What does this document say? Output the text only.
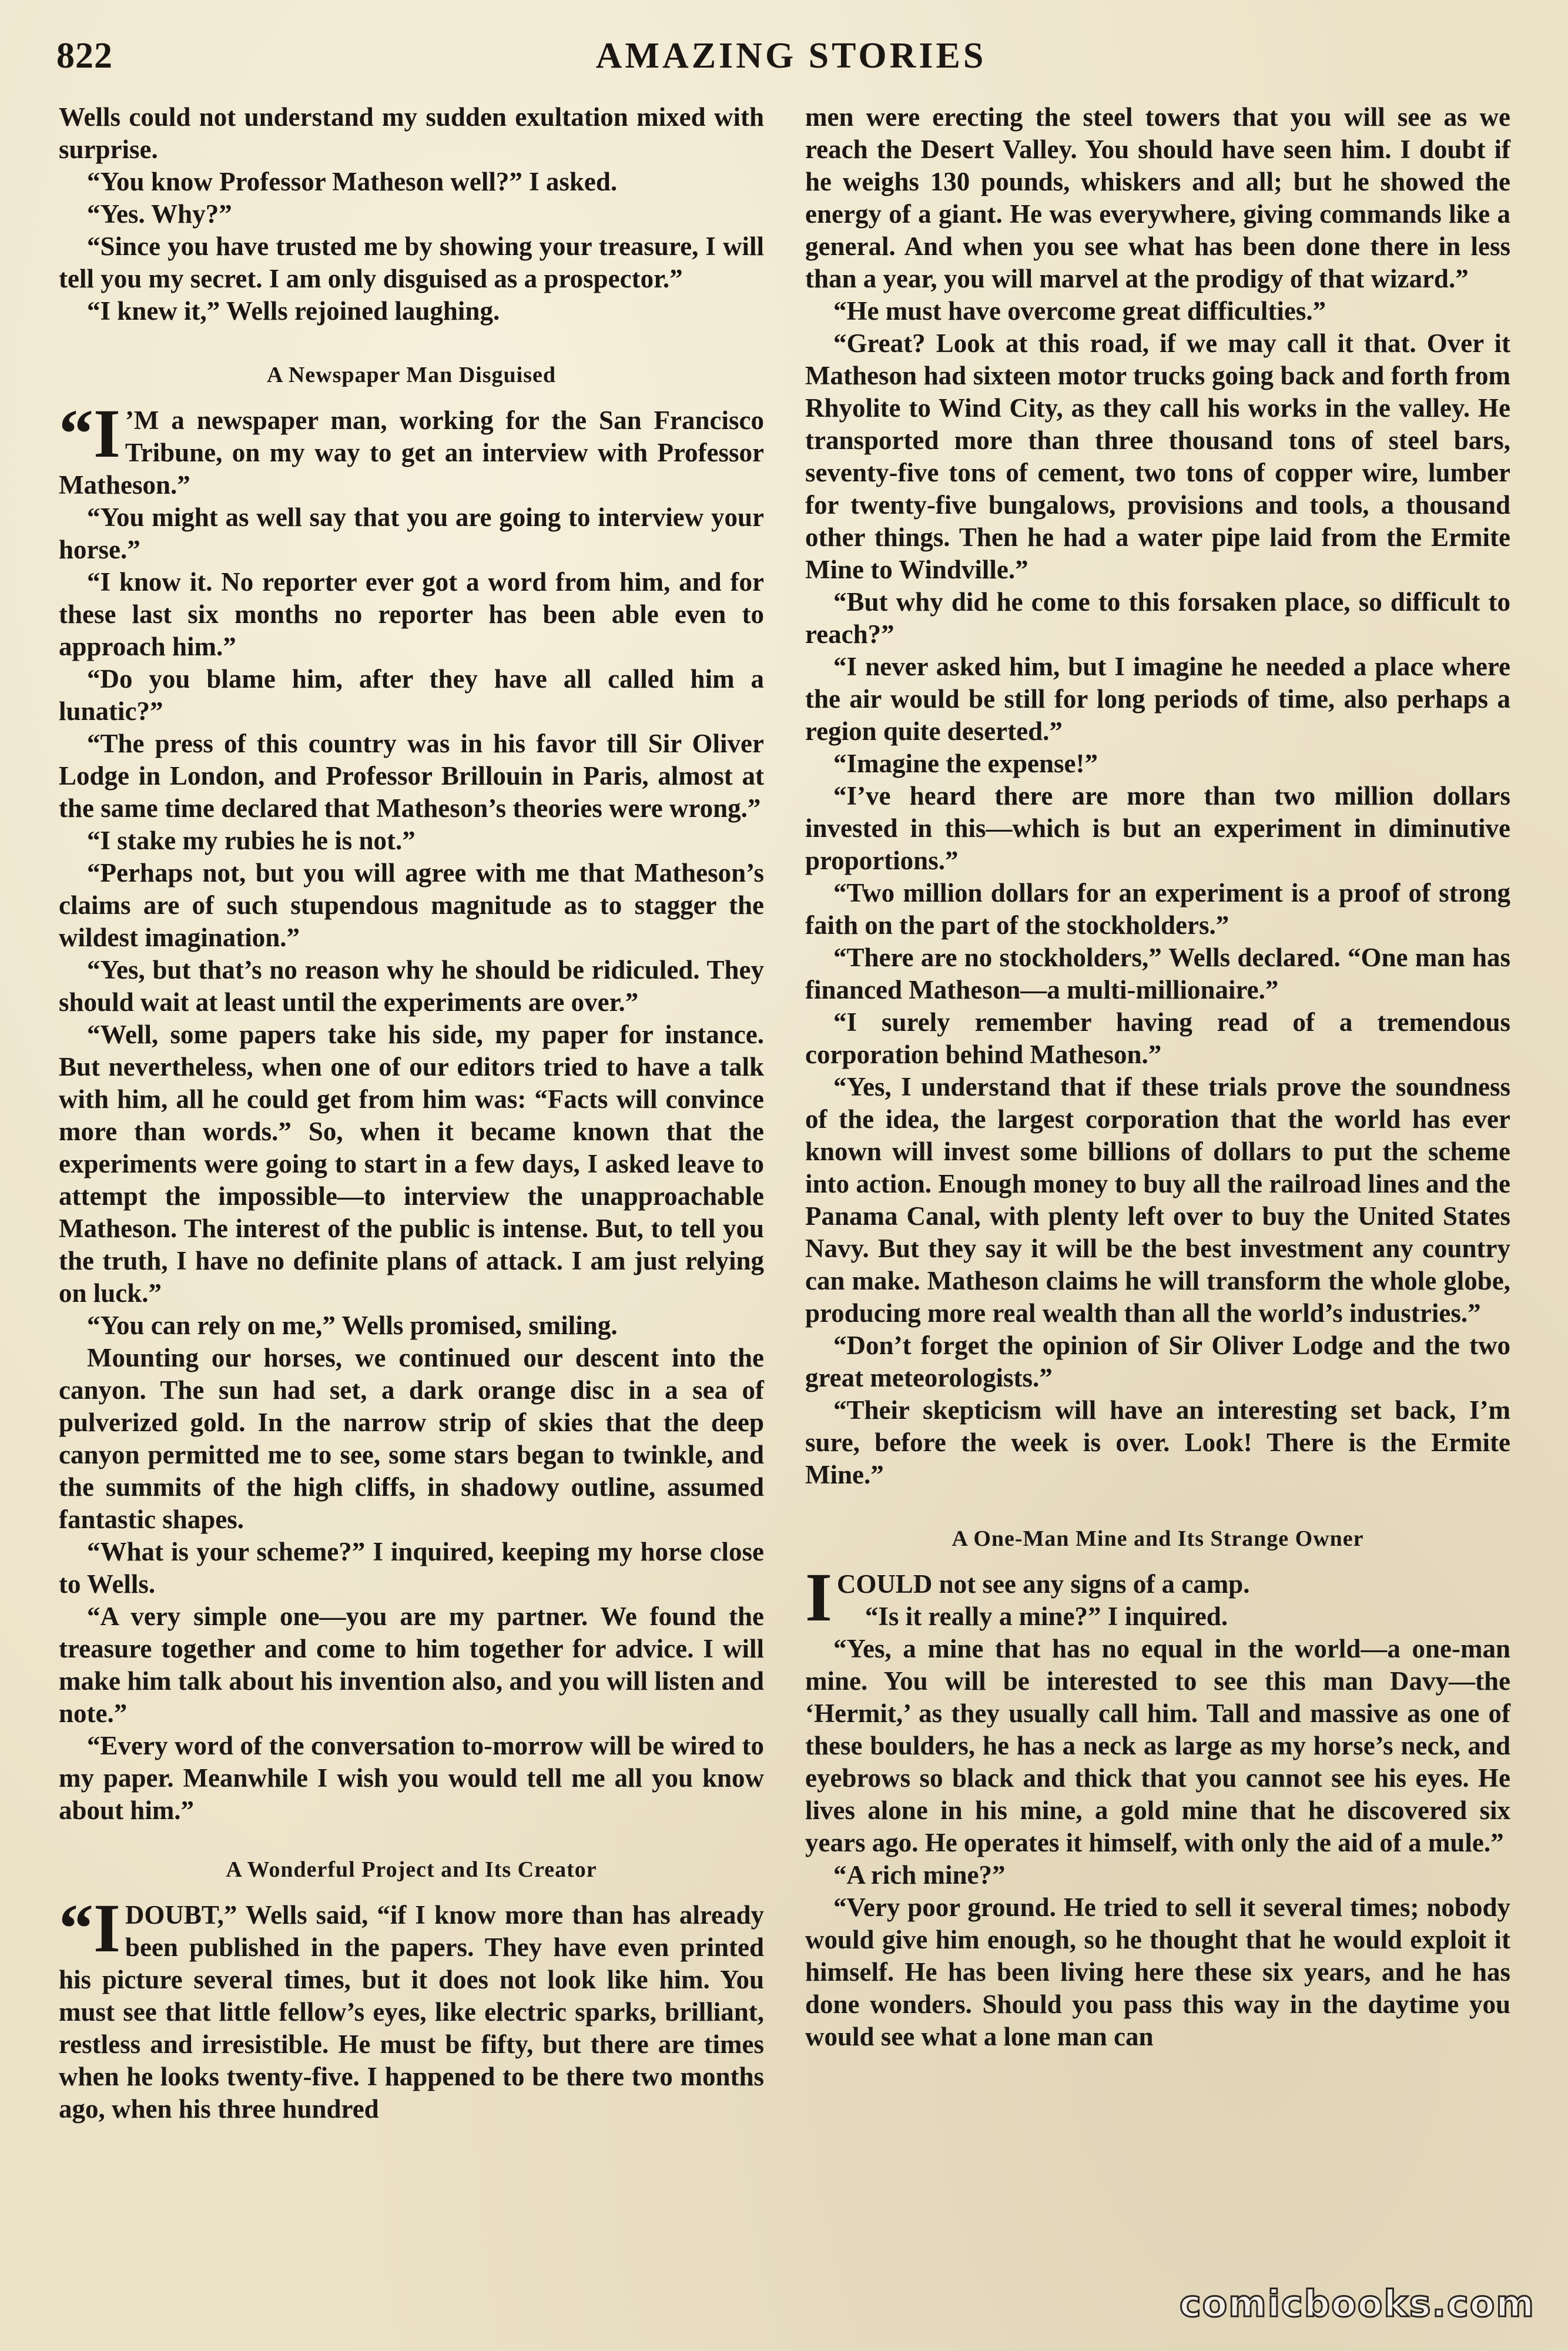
822	AMAZING STORIES

Wells could not understand my sudden exultation mixed with surprise.

“You know Professor Matheson well?” I asked.

“Yes. Why?”

“Since you have trusted me by showing your treasure, I will tell you my secret. I am only disguised as a prospector.”

“I knew it,” Wells rejoined laughing.

A Newspaper Man Disguised

“I ’M a newspaper man, working for the San Francisco Tribune, on my way to get an interview with Professor Matheson.”

“You might as well say that you are going to interview your horse.”

“I know it. No reporter ever got a word from him, and for these last six months no reporter has been able even to approach him.”

“Do you blame him, after they have all called him a lunatic?”

“The press of this country was in his favor till Sir Oliver Lodge in London, and Professor Brillouin in Paris, almost at the same time declared that Matheson’s theories were wrong.”

“I stake my rubies he is not.”

“Perhaps not, but you will agree with me that Matheson’s claims are of such stupendous magnitude as to stagger the wildest imagination.”

“Yes, but that’s no reason why he should be ridiculed. They should wait at least until the experiments are over.”

“Well, some papers take his side, my paper for instance. But nevertheless, when one of our editors tried to have a talk with him, all he could get from him was: “Facts will convince more than words.” So, when it became known that the experiments were going to start in a few days, I asked leave to attempt the impossible—to interview the unapproachable Matheson. The interest of the public is intense. But, to tell you the truth, I have no definite plans of attack. I am just relying on luck.”

“You can rely on me,” Wells promised, smiling.

Mounting our horses, we continued our descent into the canyon. The sun had set, a dark orange disc in a sea of pulverized gold. In the narrow strip of skies that the deep canyon permitted me to see, some stars began to twinkle, and the summits of the high cliffs, in shadowy outline, assumed fantastic shapes.

“What is your scheme?” I inquired, keeping my horse close to Wells.

“A very simple one—you are my partner. We found the treasure together and come to him together for advice. I will make him talk about his invention also, and you will listen and note.”

“Every word of the conversation to-morrow will be wired to my paper. Meanwhile I wish you would tell me all you know about him.”

A Wonderful Project and Its Creator

“I DOUBT,” Wells said, “if I know more than has already been published in the papers. They have even printed his picture several times, but it does not look like him. You must see that little fellow’s eyes, like electric sparks, brilliant, restless and irresistible. He must be fifty, but there are times when he looks twenty-five. I happened to be there two months ago, when his three hundred

men were erecting the steel towers that you will see as we reach the Desert Valley. You should have seen him. I doubt if he weighs 130 pounds, whiskers and all; but he showed the energy of a giant. He was everywhere, giving commands like a general. And when you see what has been done there in less than a year, you will marvel at the prodigy of that wizard.”

“He must have overcome great difficulties.”

“Great? Look at this road, if we may call it that. Over it Matheson had sixteen motor trucks going back and forth from Rhyolite to Wind City, as they call his works in the valley. He transported more than three thousand tons of steel bars, seventy-five tons of cement, two tons of copper wire, lumber for twenty-five bungalows, provisions and tools, a thousand other things. Then he had a water pipe laid from the Ermite Mine to Windville.”

“But why did he come to this forsaken place, so difficult to reach?”

“I never asked him, but I imagine he needed a place where the air would be still for long periods of time, also perhaps a region quite deserted.”

“Imagine the expense!”

“I’ve heard there are more than two million dollars invested in this—which is but an experiment in diminutive proportions.”

“Two million dollars for an experiment is a proof of strong faith on the part of the stockholders.”

“There are no stockholders,” Wells declared. “One man has financed Matheson—a multi-millionaire.”

“I surely remember having read of a tremendous corporation behind Matheson.”

“Yes, I understand that if these trials prove the soundness of the idea, the largest corporation that the world has ever known will invest some billions of dollars to put the scheme into action. Enough money to buy all the railroad lines and the Panama Canal, with plenty left over to buy the United States Navy. But they say it will be the best investment any country can make. Matheson claims he will transform the whole globe, producing more real wealth than all the world’s industries.”

“Don’t forget the opinion of Sir Oliver Lodge and the two great meteorologists.”

“Their skepticism will have an interesting set back, I’m sure, before the week is over. Look! There is the Ermite Mine.”

A One-Man Mine and Its Strange Owner

I COULD not see any signs of a camp.

“Is it really a mine?” I inquired.

“Yes, a mine that has no equal in the world—a one-man mine. You will be interested to see this man Davy—the ‘Hermit,’ as they usually call him. Tall and massive as one of these boulders, he has a neck as large as my horse’s neck, and eyebrows so black and thick that you cannot see his eyes. He lives alone in his mine, a gold mine that he discovered six years ago. He operates it himself, with only the aid of a mule.”

“A rich mine?”

“Very poor ground. He tried to sell it several times; nobody would give him enough, so he thought that he would exploit it himself. He has been living here these six years, and he has done wonders. Should you pass this way in the daytime you would see what a lone man can

comicbooks.com
